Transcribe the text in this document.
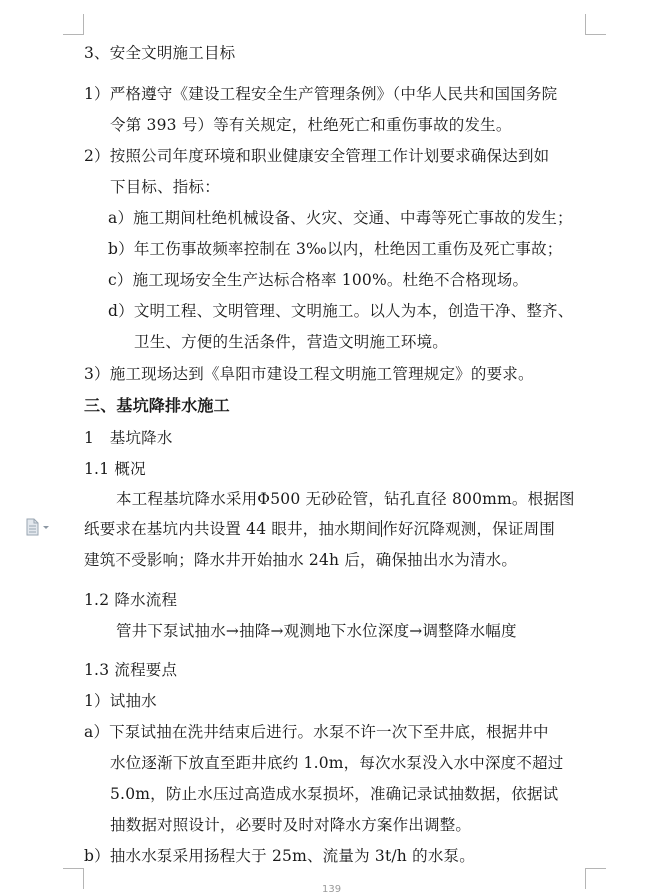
3、安全文明施工目标
1）严格遵守《建设工程安全生产管理条例》（中华人民共和国国务院
令第 393 号）等有关规定，杜绝死亡和重伤事故的发生。
2）按照公司年度环境和职业健康安全管理工作计划要求确保达到如
下目标、指标：
a）施工期间杜绝机械设备、火灾、交通、中毒等死亡事故的发生；
b）年工伤事故频率控制在 3‰以内，杜绝因工重伤及死亡事故；
c）施工现场安全生产达标合格率 100%。杜绝不合格现场。
d）文明工程、文明管理、文明施工。以人为本，创造干净、整齐、
卫生、方便的生活条件，营造文明施工环境。
3）施工现场达到《阜阳市建设工程文明施工管理规定》的要求。
三、基坑降排水施工
1　基坑降水
1.1 概况
本工程基坑降水采用Φ500 无砂砼管，钻孔直径 800mm。根据图
纸要求在基坑内共设置 44 眼井，抽水期间作好沉降观测，保证周围
建筑不受影响；降水井开始抽水 24h 后，确保抽出水为清水。
1.2 降水流程
管井下泵试抽水→抽降→观测地下水位深度→调整降水幅度
1.3 流程要点
1）试抽水
a）下泵试抽在洗井结束后进行。水泵不许一次下至井底，根据井中
水位逐渐下放直至距井底约 1.0m，每次水泵没入水中深度不超过
5.0m，防止水压过高造成水泵损坏，准确记录试抽数据，依据试
抽数据对照设计，必要时及时对降水方案作出调整。
b）抽水水泵采用扬程大于 25m、流量为 3t/h 的水泵。
139
